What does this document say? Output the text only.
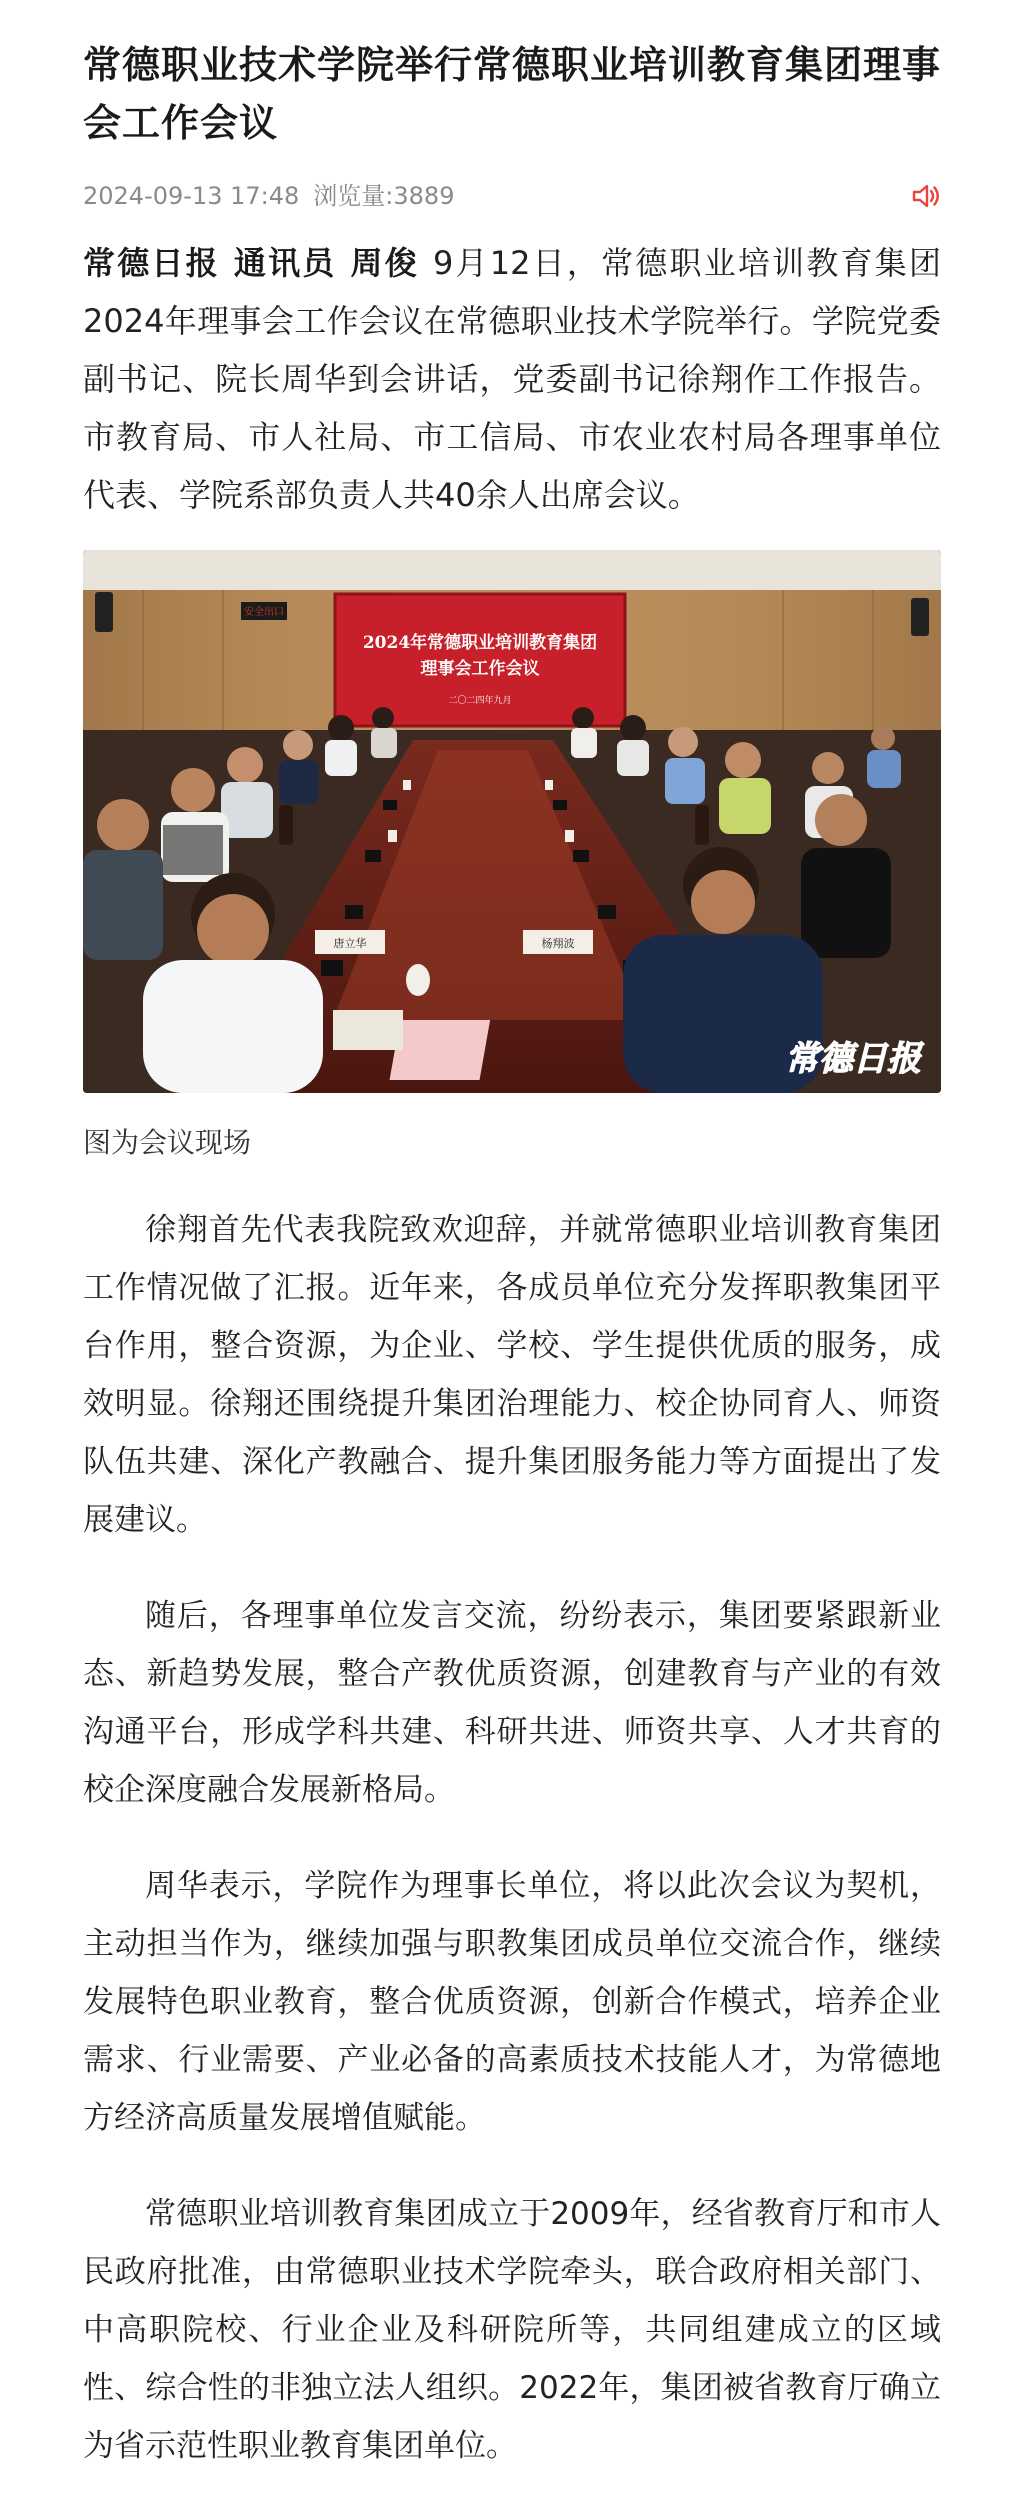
常德职业技术学院举行常德职业培训教育集团理事会工作会议
2024-09-13 17:48 浏览量:3889

常德日报 通讯员 周俊 9月12日，常德职业培训教育集团2024年理事会工作会议在常德职业技术学院举行。学院党委副书记、院长周华到会讲话，党委副书记徐翔作工作报告。市教育局、市人社局、市工信局、市农业农村局各理事单位代表、学院系部负责人共40余人出席会议。

安全出口
2024年常德职业培训教育集团
理事会工作会议
二〇二四年九月
唐立华	杨翔波
常德日报

图为会议现场

徐翔首先代表我院致欢迎辞，并就常德职业培训教育集团工作情况做了汇报。近年来，各成员单位充分发挥职教集团平台作用，整合资源，为企业、学校、学生提供优质的服务，成效明显。徐翔还围绕提升集团治理能力、校企协同育人、师资队伍共建、深化产教融合、提升集团服务能力等方面提出了发展建议。

随后，各理事单位发言交流，纷纷表示，集团要紧跟新业态、新趋势发展，整合产教优质资源，创建教育与产业的有效沟通平台，形成学科共建、科研共进、师资共享、人才共育的校企深度融合发展新格局。

周华表示，学院作为理事长单位，将以此次会议为契机，主动担当作为，继续加强与职教集团成员单位交流合作，继续发展特色职业教育，整合优质资源，创新合作模式，培养企业需求、行业需要、产业必备的高素质技术技能人才，为常德地方经济高质量发展增值赋能。

常德职业培训教育集团成立于2009年，经省教育厅和市人民政府批准，由常德职业技术学院牵头，联合政府相关部门、中高职院校、行业企业及科研院所等，共同组建成立的区域性、综合性的非独立法人组织。2022年，集团被省教育厅确立为省示范性职业教育集团单位。
